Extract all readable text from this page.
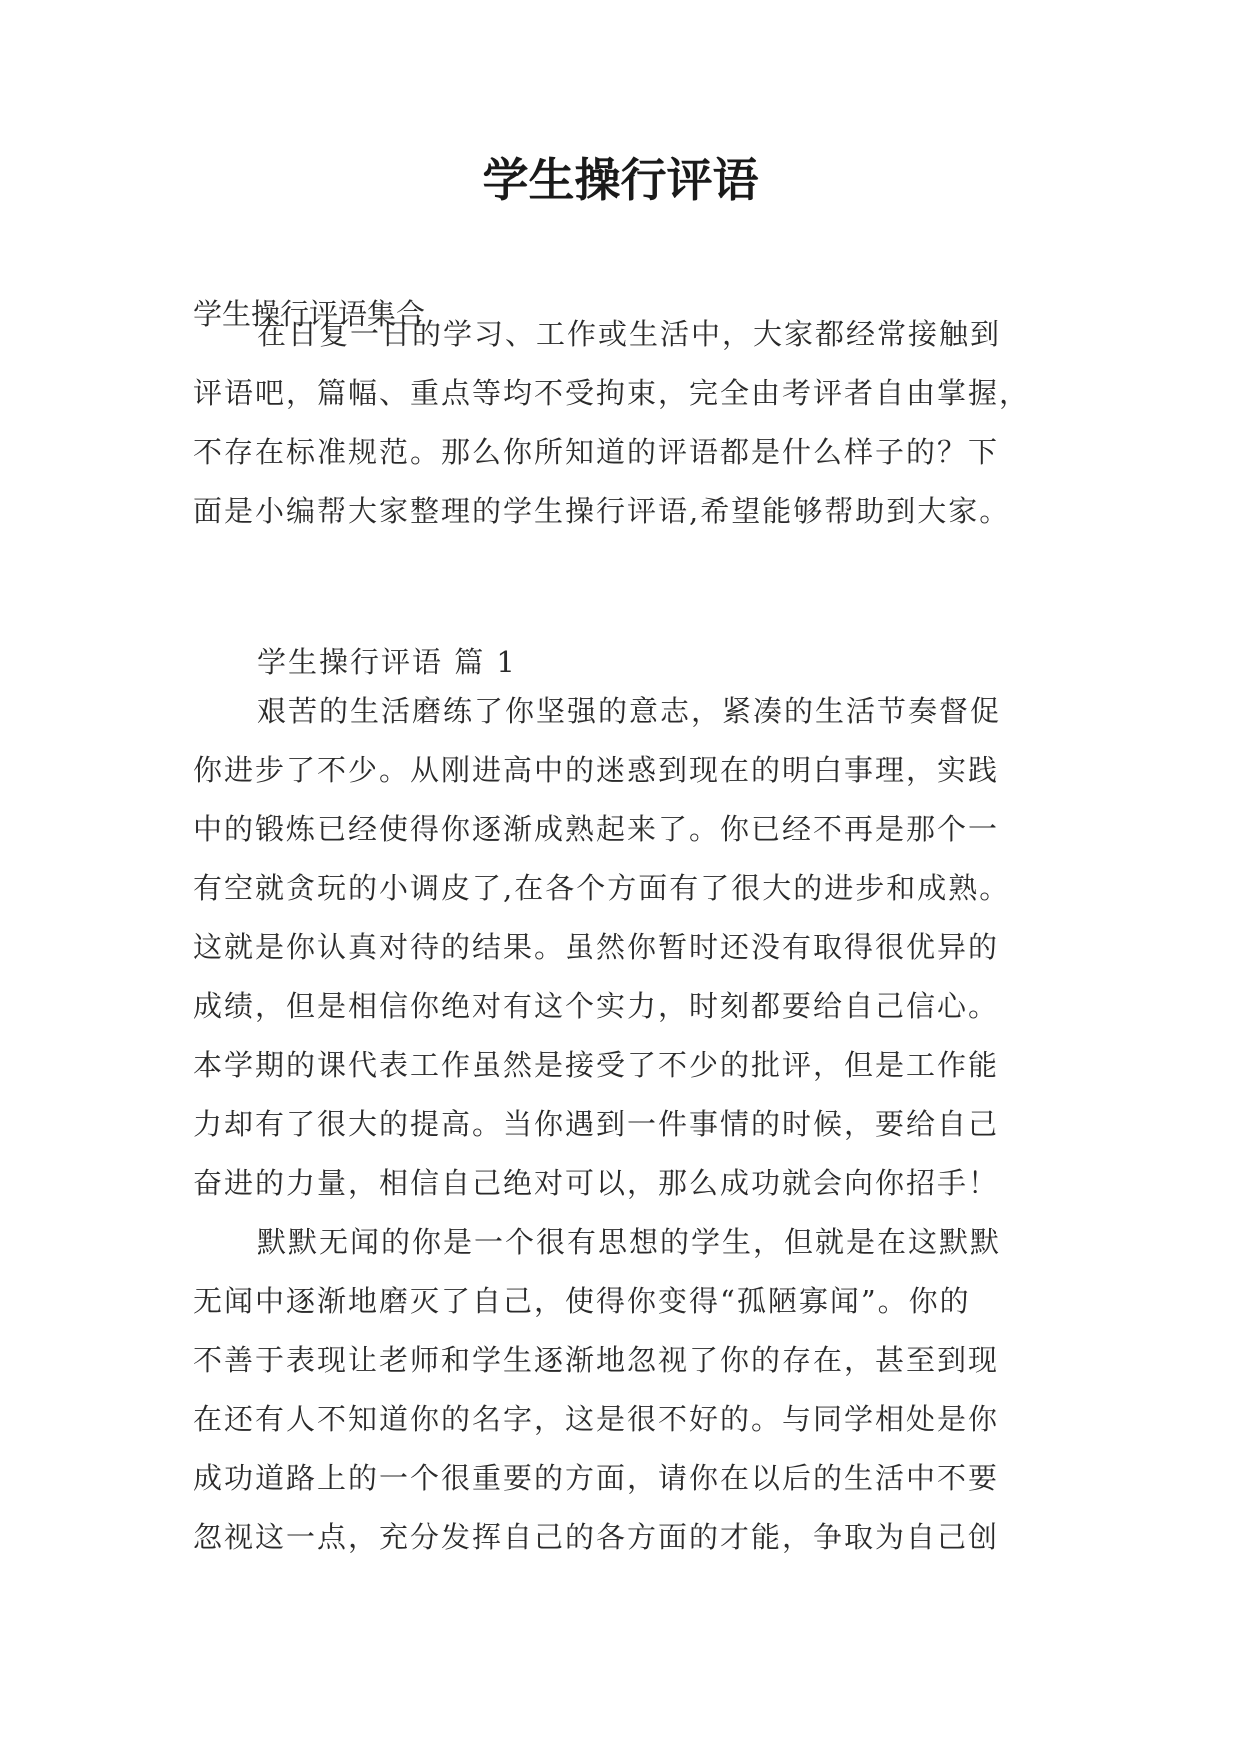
学生操行评语

学生操行评语集合

在日复一日的学习、工作或生活中，大家都经常接触到
评语吧，篇幅、重点等均不受拘束，完全由考评者自由掌握，
不存在标准规范。那么你所知道的评语都是什么样子的？下
面是小编帮大家整理的学生操行评语,希望能够帮助到大家。

学生操行评语 篇 1

艰苦的生活磨练了你坚强的意志，紧凑的生活节奏督促
你进步了不少。从刚进高中的迷惑到现在的明白事理，实践
中的锻炼已经使得你逐渐成熟起来了。你已经不再是那个一
有空就贪玩的小调皮了,在各个方面有了很大的进步和成熟。
这就是你认真对待的结果。虽然你暂时还没有取得很优异的
成绩，但是相信你绝对有这个实力，时刻都要给自己信心。
本学期的课代表工作虽然是接受了不少的批评，但是工作能
力却有了很大的提高。当你遇到一件事情的时候，要给自己
奋进的力量，相信自己绝对可以，那么成功就会向你招手！
默默无闻的你是一个很有思想的学生，但就是在这默默
无闻中逐渐地磨灭了自己，使得你变得“孤陋寡闻”。你的
不善于表现让老师和学生逐渐地忽视了你的存在，甚至到现
在还有人不知道你的名字，这是很不好的。与同学相处是你
成功道路上的一个很重要的方面，请你在以后的生活中不要
忽视这一点，充分发挥自己的各方面的才能，争取为自己创
